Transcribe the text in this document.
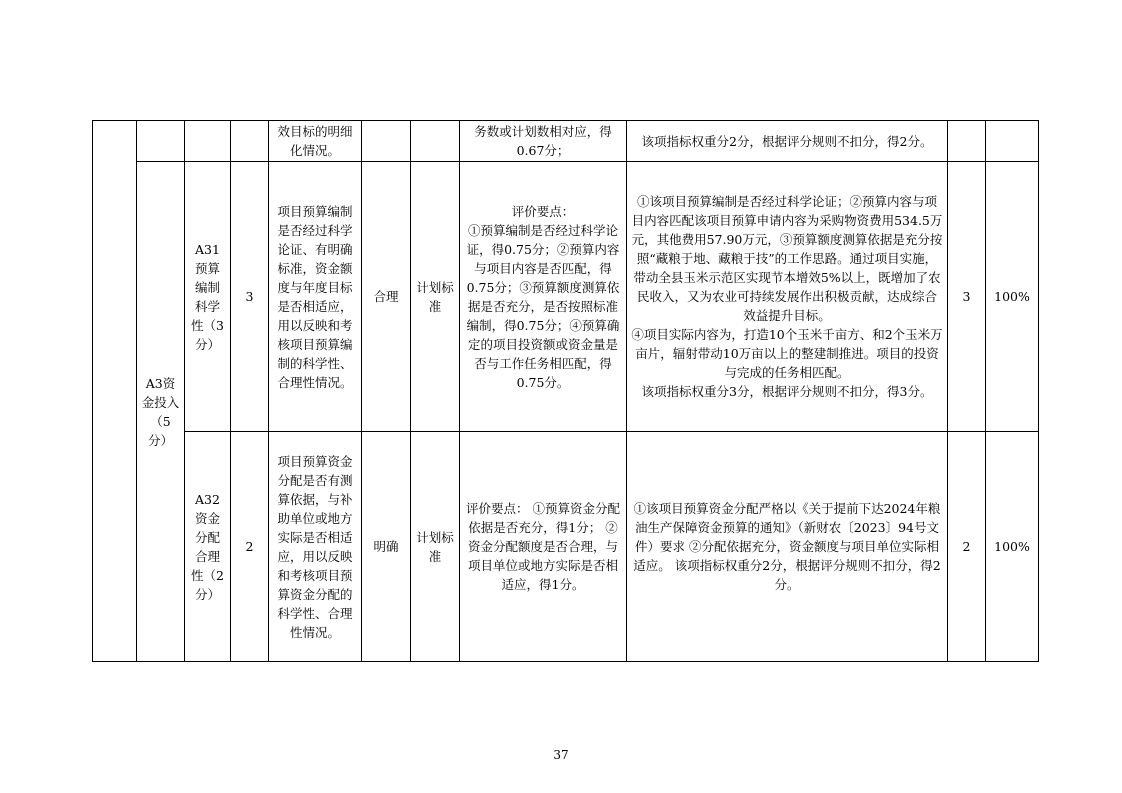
				效目标的明细化情况。			务数或计划数相对应，得0.67分；	该项指标权重分2分，根据评分规则不扣分，得2分。		
	A3资金投入（5分）	A31预算编制科学性（3分）	3	项目预算编制是否经过科学论证、有明确标准，资金额度与年度目标是否相适应，用以反映和考核项目预算编制的科学性、合理性情况。	合理	计划标准	评价要点：
①预算编制是否经过科学论证，得0.75分；②预算内容与项目内容是否匹配，得0.75分；③预算额度测算依据是否充分，是否按照标准编制，得0.75分；④预算确定的项目投资额或资金量是否与工作任务相匹配，得0.75分。	①该项目预算编制是否经过科学论证；②预算内容与项目内容匹配该项目预算申请内容为采购物资费用534.5万元，其他费用57.90万元，③预算额度测算依据是充分按照“藏粮于地、藏粮于技”的工作思路。通过项目实施，带动全县玉米示范区实现节本增效5%以上，既增加了农民收入，又为农业可持续发展作出积极贡献，达成综合效益提升目标。
④项目实际内容为，打造10个玉米千亩方、和2个玉米万亩片，辐射带动10万亩以上的整建制推进。项目的投资与完成的任务相匹配。
该项指标权重分3分，根据评分规则不扣分，得3分。	3	100%
		A32资金分配合理性（2分）	2	项目预算资金分配是否有测算依据，与补助单位或地方实际是否相适应，用以反映和考核项目预算资金分配的科学性、合理性情况。	明确	计划标准	评价要点： ①预算资金分配依据是否充分，得1分； ②资金分配额度是否合理，与项目单位或地方实际是否相适应，得1分。	①该项目预算资金分配严格以《关于提前下达2024年粮油生产保障资金预算的通知》（新财农〔2023〕94号文件）要求 ②分配依据充分，资金额度与项目单位实际相适应。 该项指标权重分2分，根据评分规则不扣分，得2分。	2	100%
37
